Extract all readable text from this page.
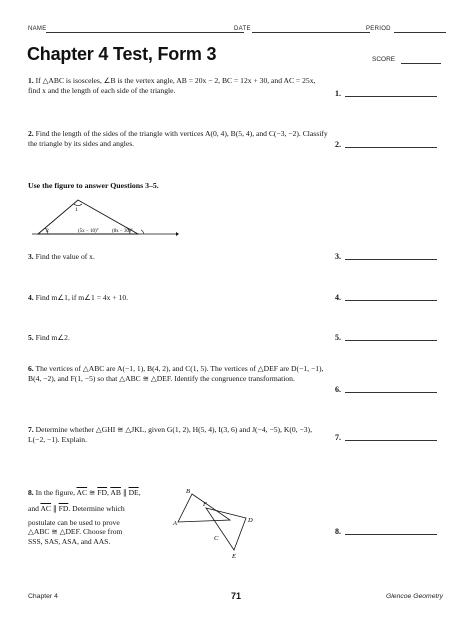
NAME	DATE	PERIOD
Chapter 4 Test, Form 3	SCORE
1. If △ABC is isosceles, ∠B is the vertex angle, AB = 20x − 2, BC = 12x + 30, and AC = 25x, find x and the length of each side of the triangle.	1.
2. Find the length of the sides of the triangle with vertices A(0, 4), B(5, 4), and C(−3, −2). Classify the triangle by its sides and angles.	2.
Use the figure to answer Questions 3–5.
1
2	(5x − 10)°	(8x − 30)°
3. Find the value of x.	3.
4. Find m∠1, if m∠1 = 4x + 10.	4.
5. Find m∠2.	5.
6. The vertices of △ABC are A(−1, 1), B(4, 2), and C(1, 5). The vertices of △DEF are D(−1, −1), B(4, −2), and F(1, −5) so that △ABC ≅ △DEF. Identify the congruence transformation.
6.
7. Determine whether △GHI ≅ △JKL, given G(1, 2), H(5, 4), I(3, 6) and J(−4, −5), K(0, −3), L(−2, −1). Explain.	7.
8. In the figure, $\overline{AC}$ ≅ $\overline{FD}$, $\overline{AB}$ ∥ $\overline{DE}$,
and $\overline{AC}$ ∥ $\overline{FD}$. Determine which
postulate can be used to prove
△ABC ≅ △DEF. Choose from
SSS, SAS, ASA, and AAS.
A
B
C
D
E
F
8.
Chapter 4	71	Glencoe Geometry
